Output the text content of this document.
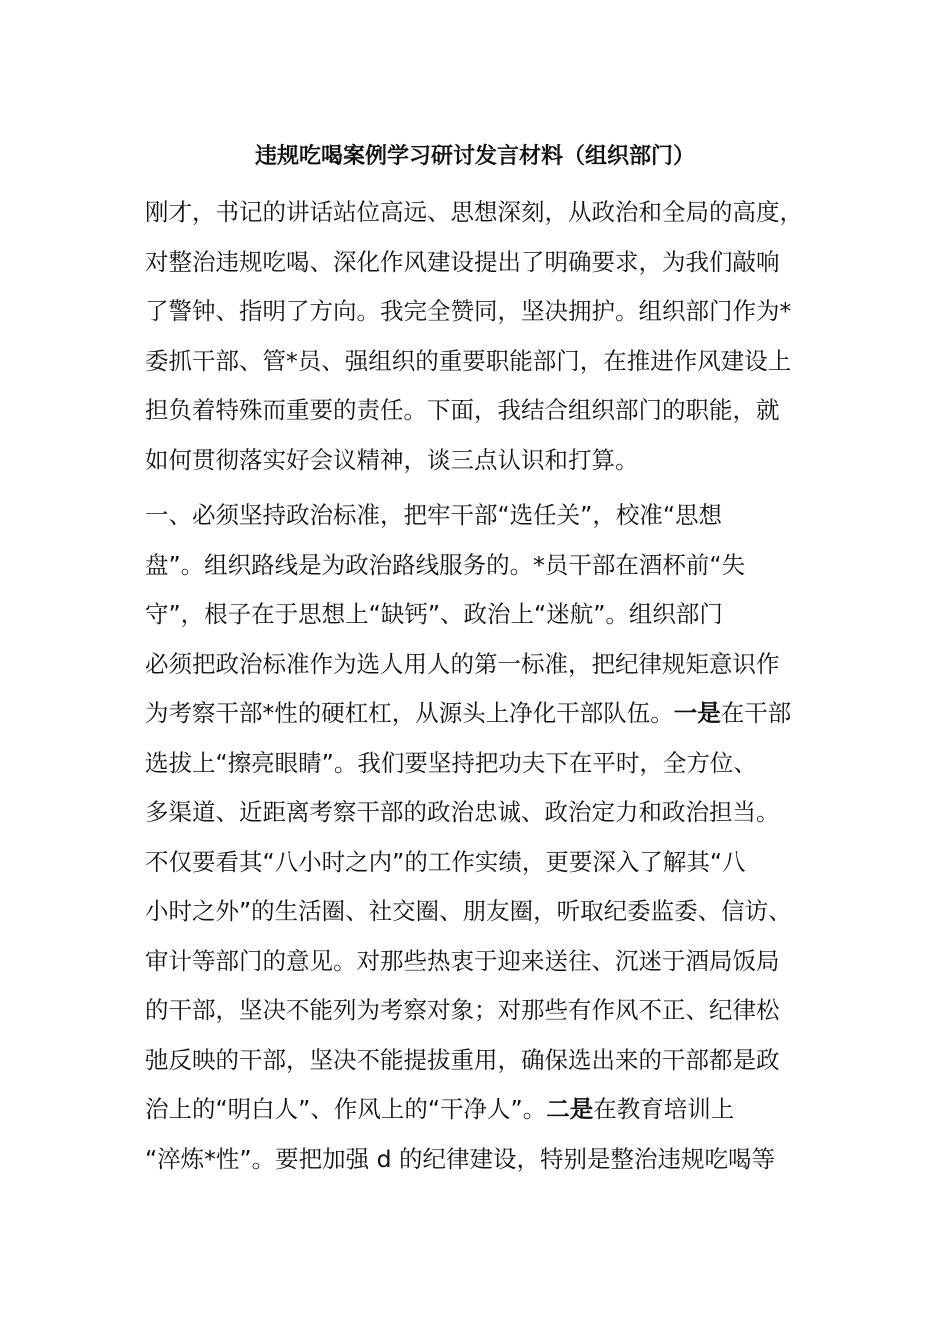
违规吃喝案例学习研讨发言材料（组织部门）
刚才，书记的讲话站位高远、思想深刻，从政治和全局的高度，
对整治违规吃喝、深化作风建设提出了明确要求，为我们敲响
了警钟、指明了方向。我完全赞同，坚决拥护。组织部门作为*
委抓干部、管*员、强组织的重要职能部门，在推进作风建设上
担负着特殊而重要的责任。下面，我结合组织部门的职能，就
如何贯彻落实好会议精神，谈三点认识和打算。
一、必须坚持政治标准，把牢干部“选任关”，校准“思想
盘”。组织路线是为政治路线服务的。*员干部在酒杯前“失
守”，根子在于思想上“缺钙”、政治上“迷航”。组织部门
必须把政治标准作为选人用人的第一标准，把纪律规矩意识作
为考察干部*性的硬杠杠，从源头上净化干部队伍。一是在干部
选拔上“擦亮眼睛”。我们要坚持把功夫下在平时，全方位、
多渠道、近距离考察干部的政治忠诚、政治定力和政治担当。
不仅要看其“八小时之内”的工作实绩，更要深入了解其“八
小时之外”的生活圈、社交圈、朋友圈，听取纪委监委、信访、
审计等部门的意见。对那些热衷于迎来送往、沉迷于酒局饭局
的干部，坚决不能列为考察对象；对那些有作风不正、纪律松
弛反映的干部，坚决不能提拔重用，确保选出来的干部都是政
治上的“明白人”、作风上的“干净人”。二是在教育培训上
“淬炼*性”。要把加强 d 的纪律建设，特别是整治违规吃喝等
